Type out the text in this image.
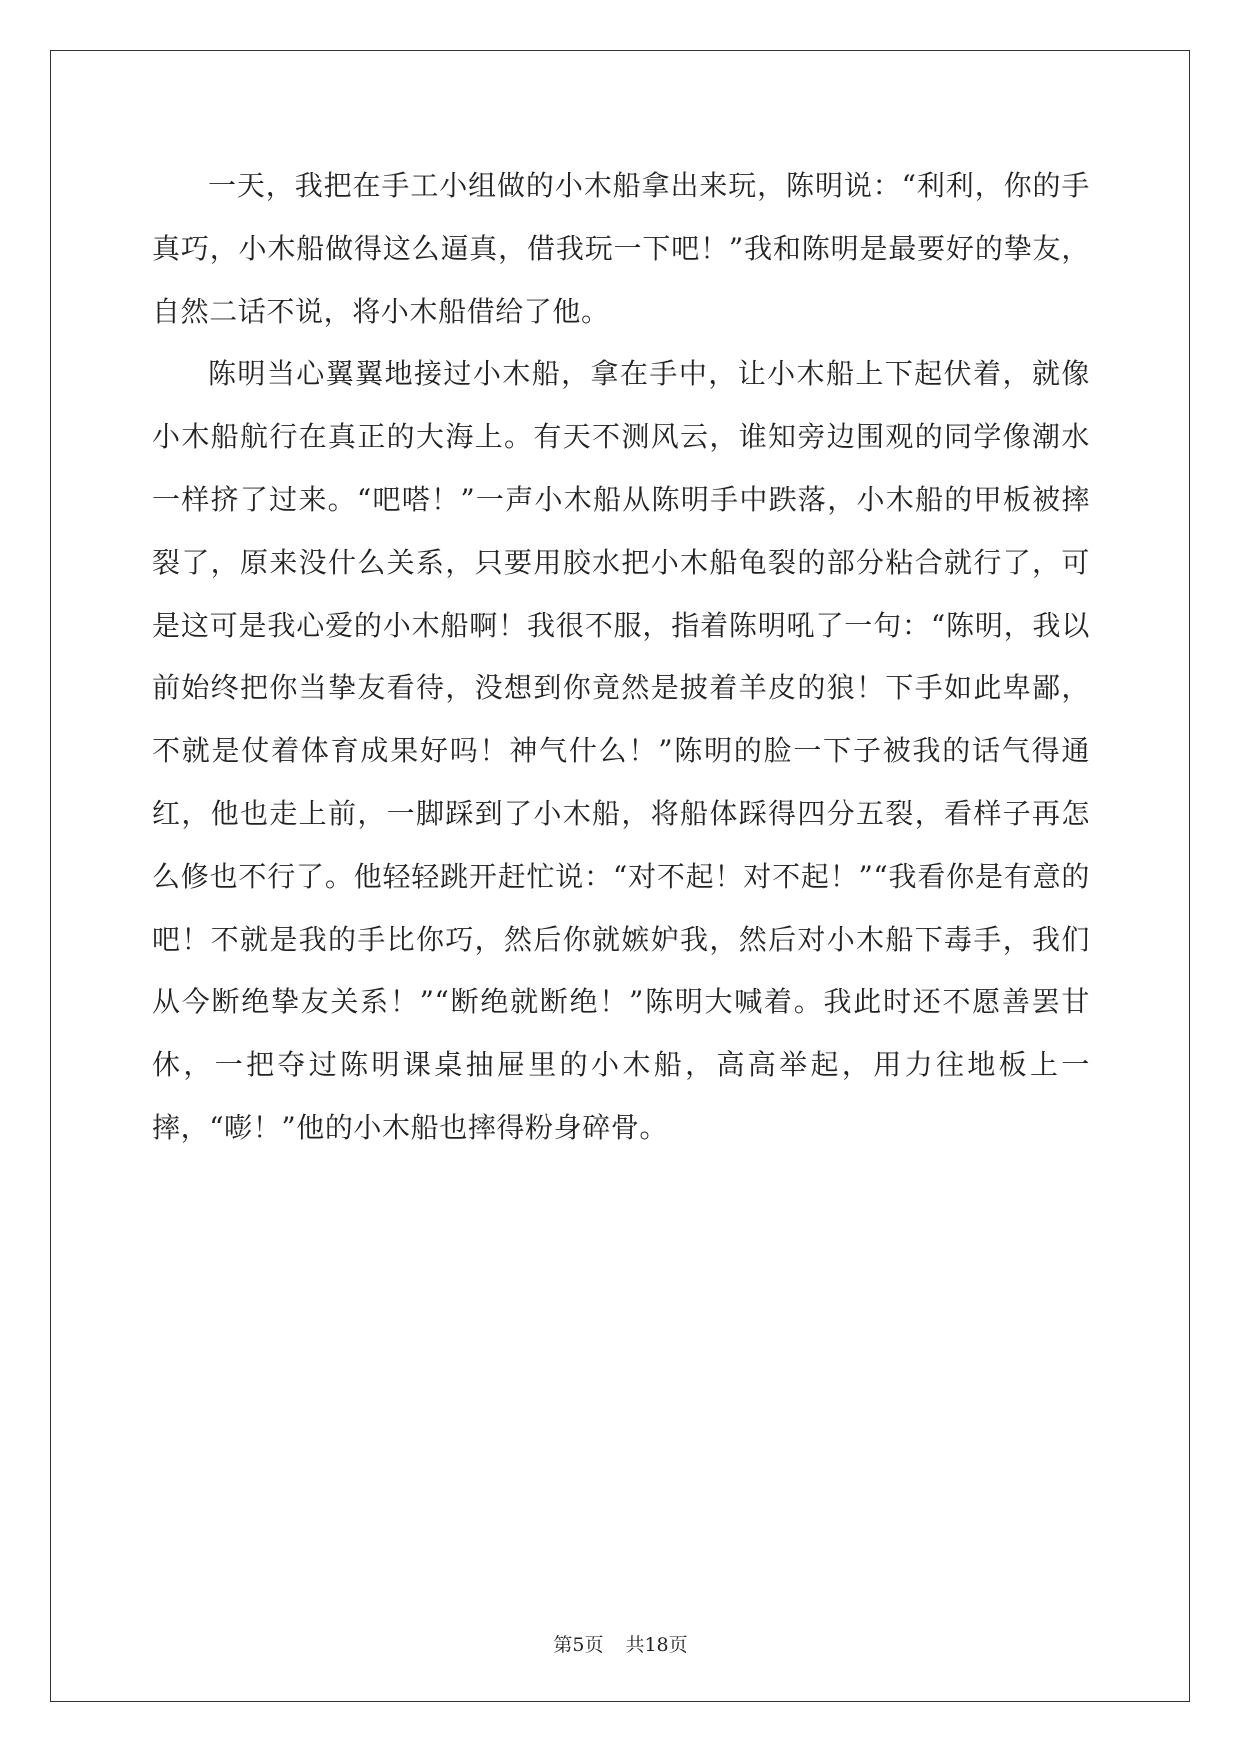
一天，我把在手工小组做的小木船拿出来玩，陈明说：“利利，你的手真巧，小木船做得这么逼真，借我玩一下吧！”我和陈明是最要好的挚友，自然二话不说，将小木船借给了他。

陈明当心翼翼地接过小木船，拿在手中，让小木船上下起伏着，就像小木船航行在真正的大海上。有天不测风云，谁知旁边围观的同学像潮水一样挤了过来。“吧嗒！”一声小木船从陈明手中跌落，小木船的甲板被摔裂了，原来没什么关系，只要用胶水把小木船龟裂的部分粘合就行了，可是这可是我心爱的小木船啊！我很不服，指着陈明吼了一句：“陈明，我以前始终把你当挚友看待，没想到你竟然是披着羊皮的狼！下手如此卑鄙，不就是仗着体育成果好吗！神气什么！”陈明的脸一下子被我的话气得通红，他也走上前，一脚踩到了小木船，将船体踩得四分五裂，看样子再怎么修也不行了。他轻轻跳开赶忙说：“对不起！对不起！”“我看你是有意的吧！不就是我的手比你巧，然后你就嫉妒我，然后对小木船下毒手，我们从今断绝挚友关系！”“断绝就断绝！”陈明大喊着。我此时还不愿善罢甘休，一把夺过陈明课桌抽屉里的小木船，高高举起，用力往地板上一摔，“嘭！”他的小木船也摔得粉身碎骨。

第5页 共18页
